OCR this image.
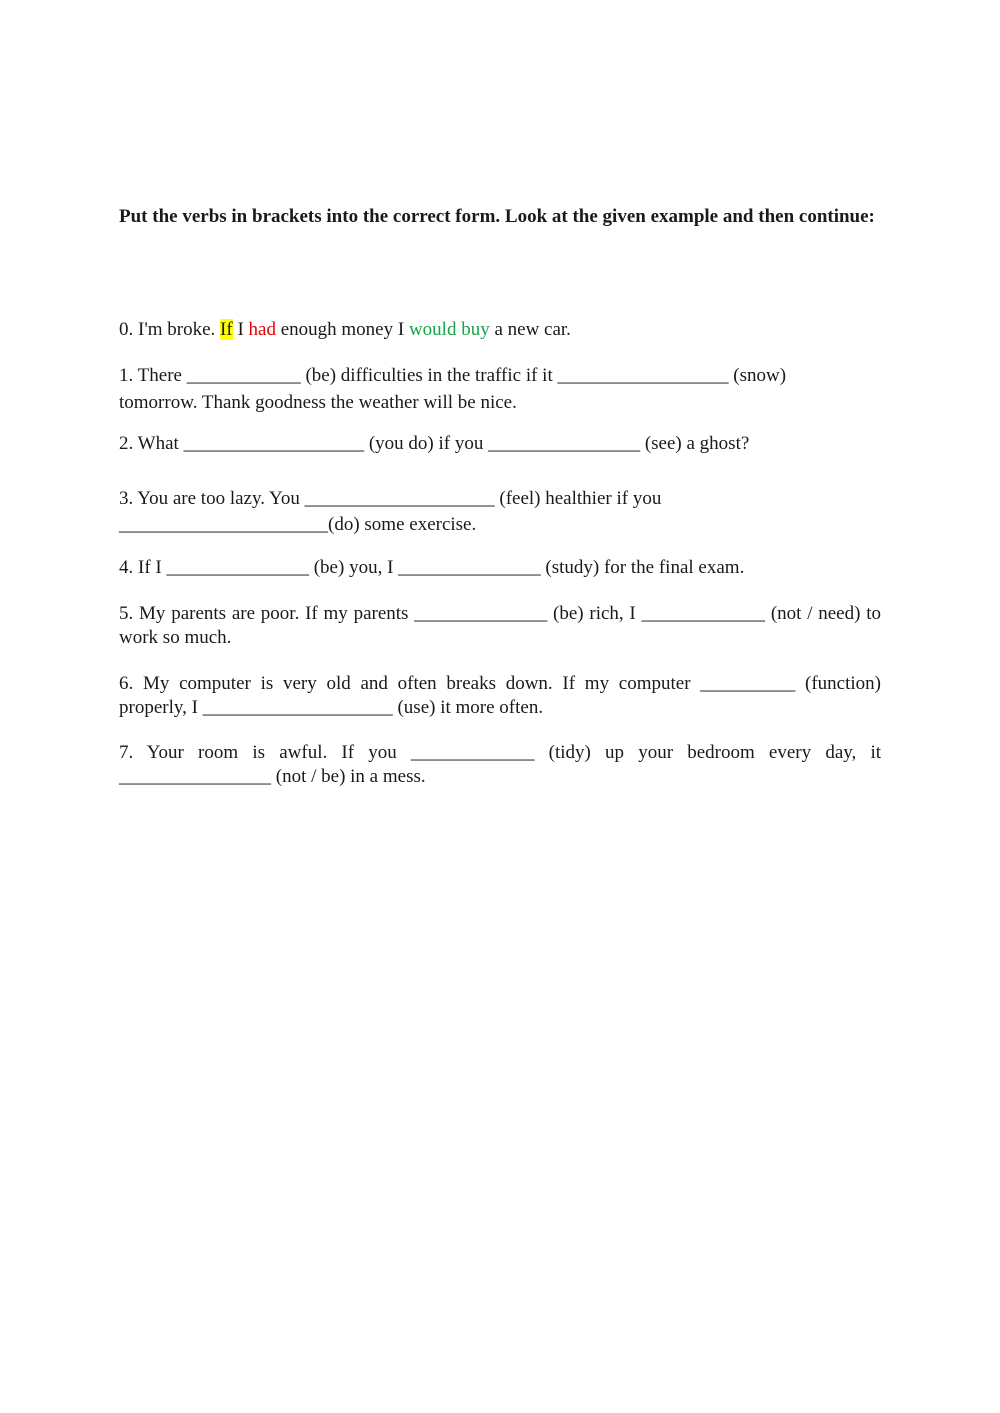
Put the verbs in brackets into the correct form. Look at the given example and then continue:

0. I'm broke. If I had enough money I would buy a new car.

1. There ____________ (be) difficulties in the traffic if it __________________ (snow)
tomorrow. Thank goodness the weather will be nice.

2. What ___________________ (you do) if you ________________ (see) a ghost?

3. You are too lazy. You ____________________ (feel) healthier if you
______________________(do) some exercise.

4. If I _______________ (be) you, I _______________ (study) for the final exam.

5. My parents are poor. If my parents ______________ (be) rich, I _____________ (not / need) to work so much.

6. My computer is very old and often breaks down. If my computer __________ (function) properly, I ____________________ (use) it more often.

7. Your room is awful. If you _____________ (tidy) up your bedroom every day, it ________________ (not / be) in a mess.
